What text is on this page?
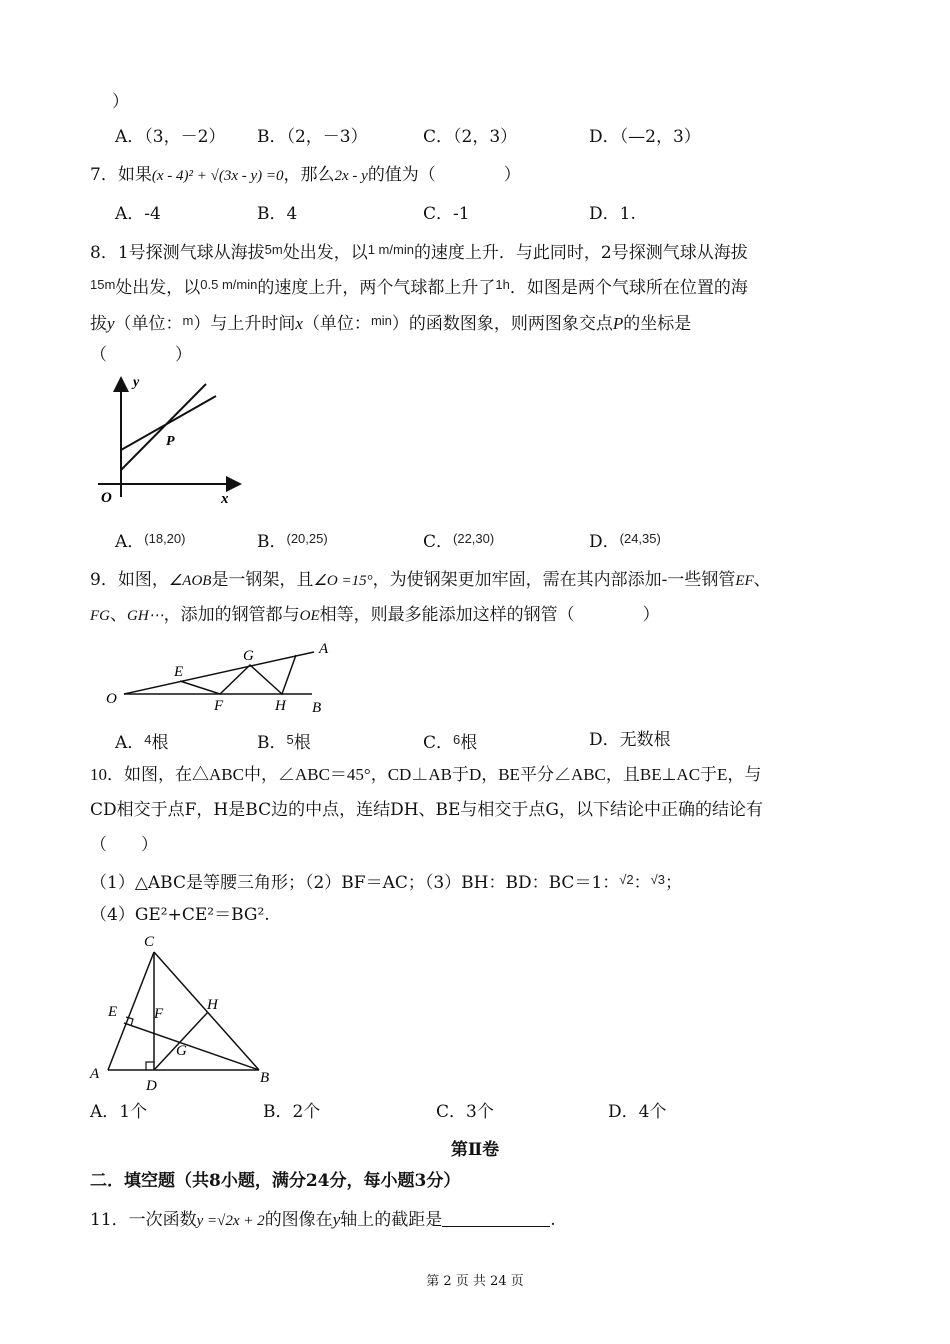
）
A．（3，－2） B．（2，－3）	C．（2，3）	D．（—2，3）
7．如果(x - 4)² + √(3x - y) =0，那么2x - y的值为（　　　　）
A．-4	B．4	C．-1	D．1.
8．1号探测气球从海拔$^{5m}$处出发，以$^{1 m/min}$的速度上升．与此同时，2号探测气球从海拔
$^{15m}$处出发，以$^{0.5 m/min}$的速度上升，两个气球都上升了$^{1h}$．如图是两个气球所在位置的海
拔y（单位：$^m$）与上升时间x（单位：$^{min}$）的函数图象，则两图象交点P的坐标是
（　　　　）
y
x
O
P
A．$^{(18,20)}$	B．$^{(20,25)}$	C．$^{(22,30)}$	D．$^{(24,35)}$
9．如图，∠AOB是一钢架，且∠O =15°，为使钢架更加牢固，需在其内部添加-一些钢管EF、
FG、GH⋯，添加的钢管都与OE相等，则最多能添加这样的钢管（　　　　）
O
E
G	A
F	H B
A．$^4$根	B．$^5$根	C．$^6$根	D．无数根
10．如图，在△ABC中，∠ABC＝45°，CD⊥AB于D，BE平分∠ABC，且BE⊥AC于E，与
CD相交于点F，H是BC边的中点，连结DH、BE与相交于点G，以下结论中正确的结论有
（　　）
（1）△ABC是等腰三角形；（2）BF＝AC；（3）BH：BD：BC＝1：$^{√2}$：$^{√3}$；
（4）GE²+CE²＝BG².
C
E F
H
G
A
D	B
A．1个	B．2个	C．3个	D．4个
第Ⅱ卷
二．填空题（共8小题，满分24分，每小题3分）
11．一次函数y =√2x + 2的图像在y轴上的截距是	.
第 2 页 共 24 页
